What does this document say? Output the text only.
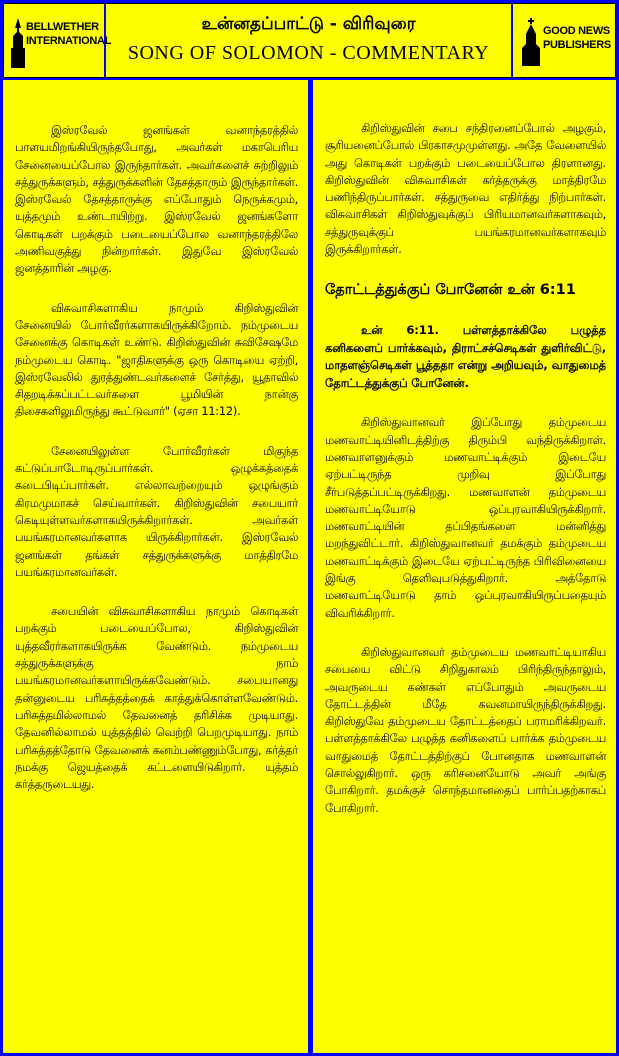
BELLWETHER INTERNATIONAL
உன்னதப்பாட்டு - விரிவுரை
SONG OF SOLOMON - COMMENTARY
GOOD NEWS PUBLISHERS

இஸ்ரவேல் ஜனங்கள் வனாந்தரத்தில் பாளயமிறங்கியிருந்தபோது, அவர்கள் மகாபெரிய சேனையைப்போல இருந்தார்கள். அவர்களைச் சுற்றிலும் சத்துருக்களும், சத்துருக்களின் தேசத்தாரும் இருந்தார்கள். இஸ்ரவேல் தேசத்தாருக்கு எப்போதும் நெருக்கமும், யுத்தமும் உண்டாயிற்று. இஸ்ரவேல் ஜனங்களோ கொடிகள் பறக்கும் படையைப்போல வனாந்தரத்திலே அணிவகுத்து நின்றார்கள். இதுவே இஸ்ரவேல் ஜனத்தாரின் அழகு.

விசுவாசிகளாகிய நாமும் கிறிஸ்துவின் சேனையில் போர்வீரர்களாகயிருக்கிறோம். நம்முடைய சேனைக்கு கொடிகள் உண்டு. கிறிஸ்துவின் சுவிசேஷமே நம்முடைய கொடி. "ஜாதிகளுக்கு ஒரு கொடியை ஏற்றி, இஸ்ரவேலில் துரத்துண்டவர்களைச் சேர்த்து, யூதாவில் சிதறடிக்கப்பட்டவர்களை பூமியின் நான்கு திசைகளிலுமிருந்து கூட்டுவார்" (ஏசா 11:12).

சேனையிலுள்ள போர்வீரர்கள் மிகுந்த கட்டுப்பாடோடிருப்பார்கள். ஒழுக்கத்தைக் கடைபிடிப்பார்கள். எல்லாவற்றையும் ஒழுங்கும் கிரமமுமாகச் செய்வார்கள். கிறிஸ்துவின் சபையார் கெடியுள்ளவர்களாகயிருக்கிறார்கள். அவர்கள் பயங்கரமானவர்களாக யிருக்கிறார்கள். இஸ்ரவேல் ஜனங்கள் தங்கள் சத்துருக்களுக்கு மாத்திரமே பயங்கரமானவர்கள்.

சபையின் விசுவாசிகளாகிய நாமும் கொடிகள் பறக்கும் படையைப்போல, கிறிஸ்துவின் யுத்தவீரர்களாகயிருக்க வேண்டும். நம்முடைய சத்துருக்களுக்கு நாம் பயங்கரமானவர்களாயிருக்கவேண்டும். சபையானது தன்னுடைய பரிசுத்தத்தைக் காத்துக்கொள்ளவேண்டும். பரிசுத்தமில்லாமல் தேவனைத் தரிசிக்க முடியாது. தேவனில்லாமல் யுத்தத்தில் வெற்றி பெறமுடியாது. நாம் பரிசுத்தத்தோடு தேவனைக் கனம்பண்ணும்போது, கர்த்தர் நமக்கு ஜெயத்தைக் கட்டளையிடுகிறார். யுத்தம் கர்த்தருடையது.

கிறிஸ்துவின் சபை சந்திரனைப்போல் அழகும், சூரியனைப்போல் பிரகாசமுமுள்ளது. அதே வேளையில் அது கொடிகள் பறக்கும் படையைப்போல திரளானது. கிறிஸ்துவின் விசுவாசிகள் கர்த்தருக்கு மாத்திரமே பணிந்திருப்பார்கள். சத்துருவை எதிர்த்து நிற்பார்கள். விசுவாசிகள் கிறிஸ்துவுக்குப் பிரியமானவர்களாகவும், சத்துருவுக்குப் பயங்கரமானவர்களாகவும் இருக்கிறார்கள்.

தோட்டத்துக்குப் போனேன் உன் 6:11

உன் 6:11. பள்ளத்தாக்கிலே பழுத்த கனிகளைப் பார்க்கவும், திராட்சச்செடிகள் துளிர்விட்டு, மாதளஞ்செடிகள் பூத்ததா என்று அறியவும், வாதுமைத் தோட்டத்துக்குப் போனேன்.

கிறிஸ்துவானவர் இப்போது தம்முடைய மணவாட்டியினிடத்திற்கு திரும்பி வந்திருக்கிறாள். மணவாளனுக்கும் மணவாட்டிக்கும் இடையே ஏற்பட்டிருந்த முறிவு இப்போது சீர்படுத்தப்பட்டிருக்கிறது. மணவாளன் தம்முடைய மணவாட்டியோடு ஒப்புரவாகியிருக்கிறார். மணவாட்டியின் தப்பிதங்களை மன்னித்து மறந்துவிட்டார். கிறிஸ்துவானவர் தமக்கும் தம்முடைய மணவாட்டிக்கும் இடையே ஏற்பட்டிருந்த பிரிவினையை இங்கு தெளிவுபடுத்துகிறார். அத்தோடு மணவாட்டியோடு தாம் ஒப்புரவாகியிருப்பதையும் விவரிக்கிறார்.

கிறிஸ்துவானவர் தம்முடைய மணவாட்டியாகிய சபையை விட்டு சிறிதுகாலம் பிரிந்திருந்தாலும், அவருடைய கண்கள் எப்போதும் அவருடைய தோட்டத்தின் மீதே கவனமாயிருந்திருக்கிறது. கிறிஸ்துவே தம்முடைய தோட்டத்தைப் பராமரிக்கிறவர். பள்ளத்தாக்கிலே பழுத்த கனிகளைப் பார்க்க தம்முடைய வாதுமைத் தோட்டத்திற்குப் போனதாக மணவாளன் சொல்லுகிறார். ஒரு கரிசனையோடு அவர் அங்கு போகிறார். தமக்குச் சொந்தமானதைப் பார்ப்பதற்காகப் போகிறார்.
